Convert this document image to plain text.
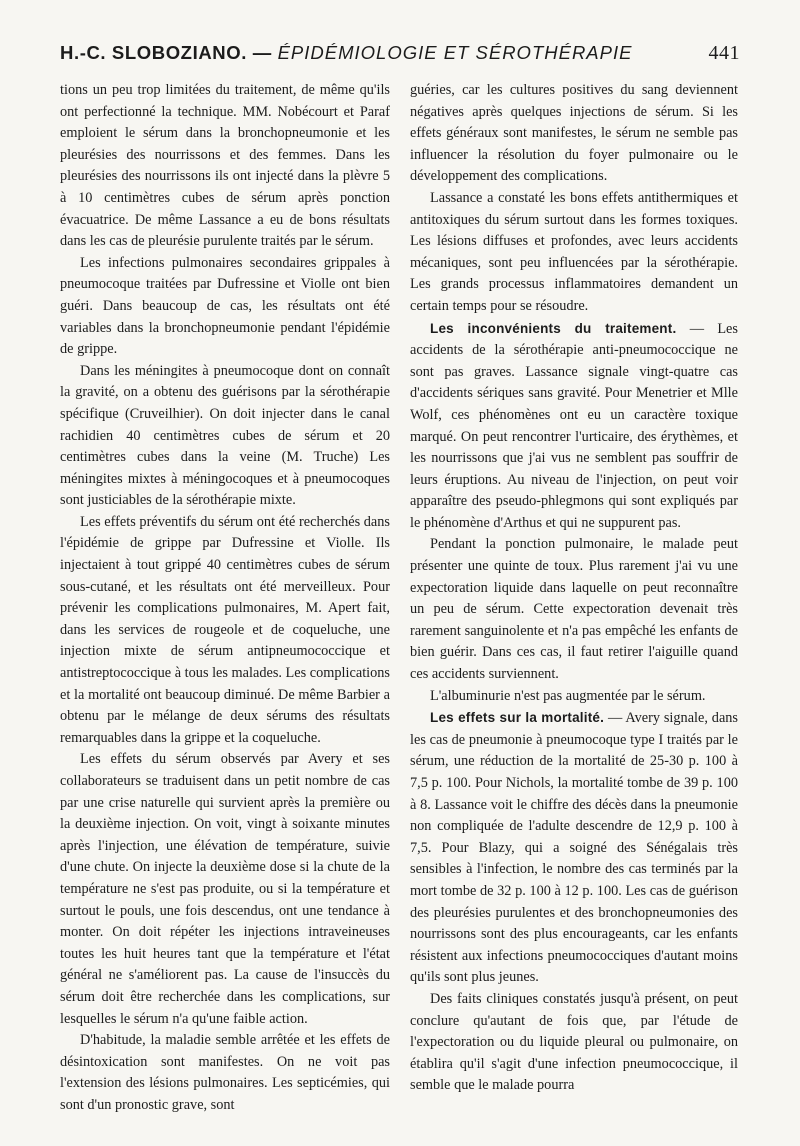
H.-C. SLOBOZIANO. — ÉPIDÉMIOLOGIE ET SÉROTHÉRAPIE	441

tions un peu trop limitées du traitement, de même qu'ils ont perfectionné la technique. MM. Nobécourt et Paraf emploient le sérum dans la bronchopneumonie et les pleurésies des nourrissons et des femmes. Dans les pleurésies des nourrissons ils ont injecté dans la plèvre 5 à 10 centimètres cubes de sérum après ponction évacuatrice. De même Lassance a eu de bons résultats dans les cas de pleurésie purulente traités par le sérum.

Les infections pulmonaires secondaires grippales à pneumocoque traitées par Dufressine et Violle ont bien guéri. Dans beaucoup de cas, les résultats ont été variables dans la bronchopneumonie pendant l'épidémie de grippe.

Dans les méningites à pneumocoque dont on connaît la gravité, on a obtenu des guérisons par la sérothérapie spécifique (Cruveilhier). On doit injecter dans le canal rachidien 40 centimètres cubes de sérum et 20 centimètres cubes dans la veine (M. Truche) Les méningites mixtes à méningocoques et à pneumocoques sont justiciables de la sérothérapie mixte.

Les effets préventifs du sérum ont été recherchés dans l'épidémie de grippe par Dufressine et Violle. Ils injectaient à tout grippé 40 centimètres cubes de sérum sous-cutané, et les résultats ont été merveilleux. Pour prévenir les complications pulmonaires, M. Apert fait, dans les services de rougeole et de coqueluche, une injection mixte de sérum antipneumococcique et antistreptococcique à tous les malades. Les complications et la mortalité ont beaucoup diminué. De même Barbier a obtenu par le mélange de deux sérums des résultats remarquables dans la grippe et la coqueluche.

Les effets du sérum observés par Avery et ses collaborateurs se traduisent dans un petit nombre de cas par une crise naturelle qui survient après la première ou la deuxième injection. On voit, vingt à soixante minutes après l'injection, une élévation de température, suivie d'une chute. On injecte la deuxième dose si la chute de la température ne s'est pas produite, ou si la température et surtout le pouls, une fois descendus, ont une tendance à monter. On doit répéter les injections intraveineuses toutes les huit heures tant que la température et l'état général ne s'améliorent pas. La cause de l'insuccès du sérum doit être recherchée dans les complications, sur lesquelles le sérum n'a qu'une faible action.

D'habitude, la maladie semble arrêtée et les effets de désintoxication sont manifestes. On ne voit pas l'extension des lésions pulmonaires. Les septicémies, qui sont d'un pronostic grave, sont

guéries, car les cultures positives du sang deviennent négatives après quelques injections de sérum. Si les effets généraux sont manifestes, le sérum ne semble pas influencer la résolution du foyer pulmonaire ou le développement des complications.

Lassance a constaté les bons effets antithermiques et antitoxiques du sérum surtout dans les formes toxiques. Les lésions diffuses et profondes, avec leurs accidents mécaniques, sont peu influencées par la sérothérapie. Les grands processus inflammatoires demandent un certain temps pour se résoudre.

Les inconvénients du traitement. — Les accidents de la sérothérapie anti-pneumococcique ne sont pas graves. Lassance signale vingt-quatre cas d'accidents sériques sans gravité. Pour Menetrier et Mlle Wolf, ces phénomènes ont eu un caractère toxique marqué. On peut rencontrer l'urticaire, des érythèmes, et les nourrissons que j'ai vus ne semblent pas souffrir de leurs éruptions. Au niveau de l'injection, on peut voir apparaître des pseudo-phlegmons qui sont expliqués par le phénomène d'Arthus et qui ne suppurent pas.

Pendant la ponction pulmonaire, le malade peut présenter une quinte de toux. Plus rarement j'ai vu une expectoration liquide dans laquelle on peut reconnaître un peu de sérum. Cette expectoration devenait très rarement sanguinolente et n'a pas empêché les enfants de bien guérir. Dans ces cas, il faut retirer l'aiguille quand ces accidents surviennent.

L'albuminurie n'est pas augmentée par le sérum.

Les effets sur la mortalité. — Avery signale, dans les cas de pneumonie à pneumocoque type I traités par le sérum, une réduction de la mortalité de 25-30 p. 100 à 7,5 p. 100. Pour Nichols, la mortalité tombe de 39 p. 100 à 8. Lassance voit le chiffre des décès dans la pneumonie non compliquée de l'adulte descendre de 12,9 p. 100 à 7,5. Pour Blazy, qui a soigné des Sénégalais très sensibles à l'infection, le nombre des cas terminés par la mort tombe de 32 p. 100 à 12 p. 100. Les cas de guérison des pleurésies purulentes et des bronchopneumonies des nourrissons sont des plus encourageants, car les enfants résistent aux infections pneumococciques d'autant moins qu'ils sont plus jeunes.

Des faits cliniques constatés jusqu'à présent, on peut conclure qu'autant de fois que, par l'étude de l'expectoration ou du liquide pleural ou pulmonaire, on établira qu'il s'agit d'une infection pneumococcique, il semble que le malade pourra
